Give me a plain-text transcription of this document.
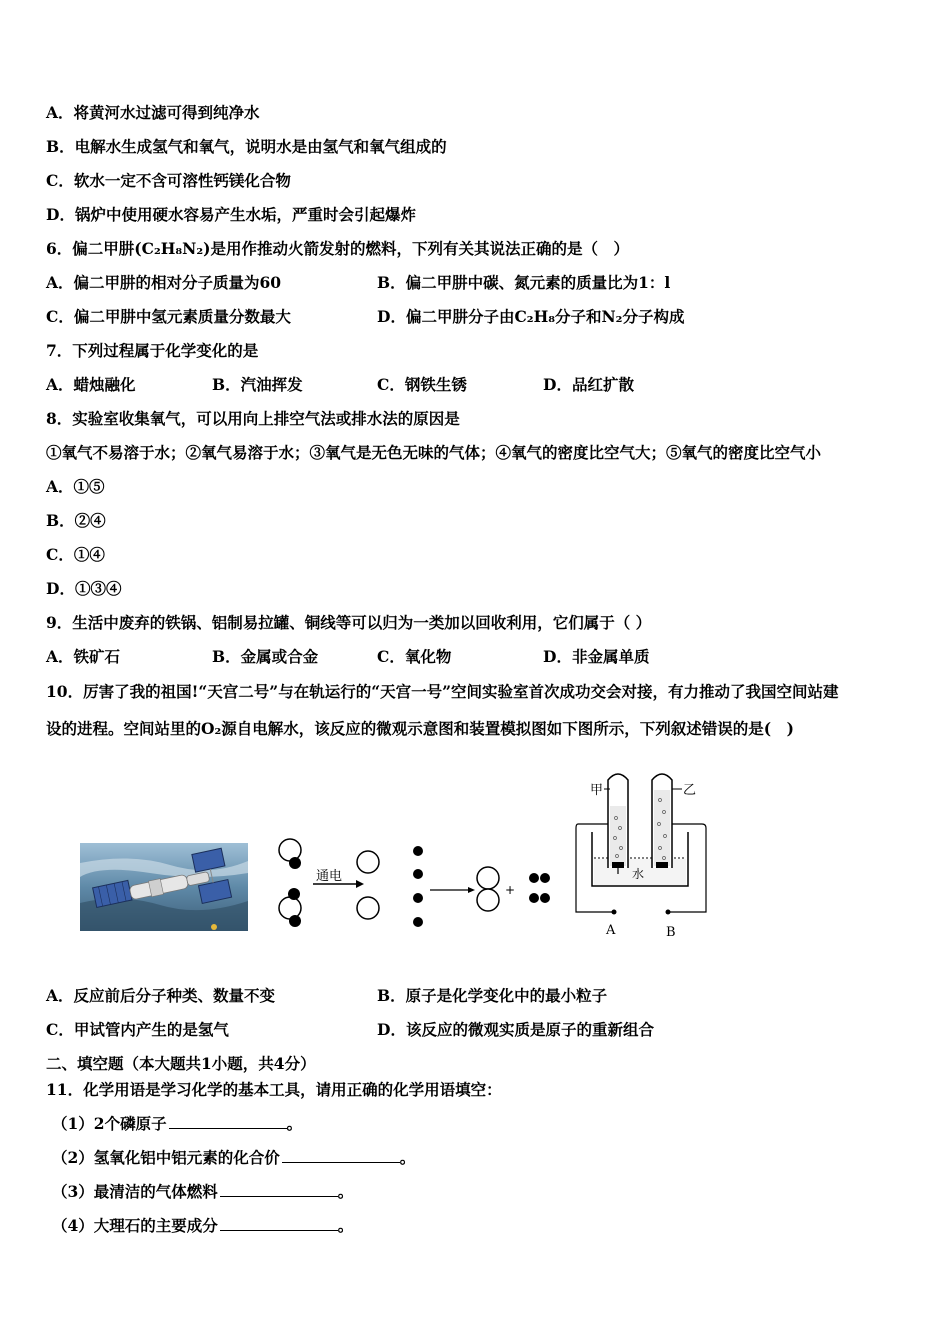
A．将黄河水过滤可得到纯净水
B．电解水生成氢气和氧气，说明水是由氢气和氧气组成的
C．软水一定不含可溶性钙镁化合物
D．锅炉中使用硬水容易产生水垢，严重时会引起爆炸
6．偏二甲肼(C₂H₈N₂)是用作推动火箭发射的燃料，下列有关其说法正确的是（　）
A．偏二甲肼的相对分子质量为60	B．偏二甲肼中碳、氮元素的质量比为1：l
C．偏二甲肼中氢元素质量分数最大	D．偏二甲肼分子由C₂H₈分子和N₂分子构成
7．下列过程属于化学变化的是
A．蜡烛融化	B．汽油挥发	C．钢铁生锈	D．品红扩散
8．实验室收集氧气，可以用向上排空气法或排水法的原因是
①氧气不易溶于水；②氧气易溶于水；③氧气是无色无味的气体；④氧气的密度比空气大；⑤氧气的密度比空气小
A．①⑤
B．②④
C．①④
D．①③④
9．生活中废弃的铁锅、铝制易拉罐、铜线等可以归为一类加以回收利用，它们属于（ ）
A．铁矿石	B．金属或合金	C．氧化物	D．非金属单质
10．厉害了我的祖国!“天宫二号”与在轨运行的“天宫一号”空间实验室首次成功交会对接，有力推动了我国空间站建
设的进程。空间站里的O₂源自电解水，该反应的微观示意图和装置模拟图如下图所示，下列叙述错误的是(　)
通电
+
甲	乙
水
A	B
A．反应前后分子种类、数量不变	B．原子是化学变化中的最小粒子
C．甲试管内产生的是氢气	D．该反应的微观实质是原子的重新组合
二、填空题（本大题共1小题，共4分）
11．化学用语是学习化学的基本工具，请用正确的化学用语填空：
（1）2个磷原子	。
（2）氢氧化铝中铝元素的化合价	。
（3）最清洁的气体燃料	。
（4）大理石的主要成分	。
